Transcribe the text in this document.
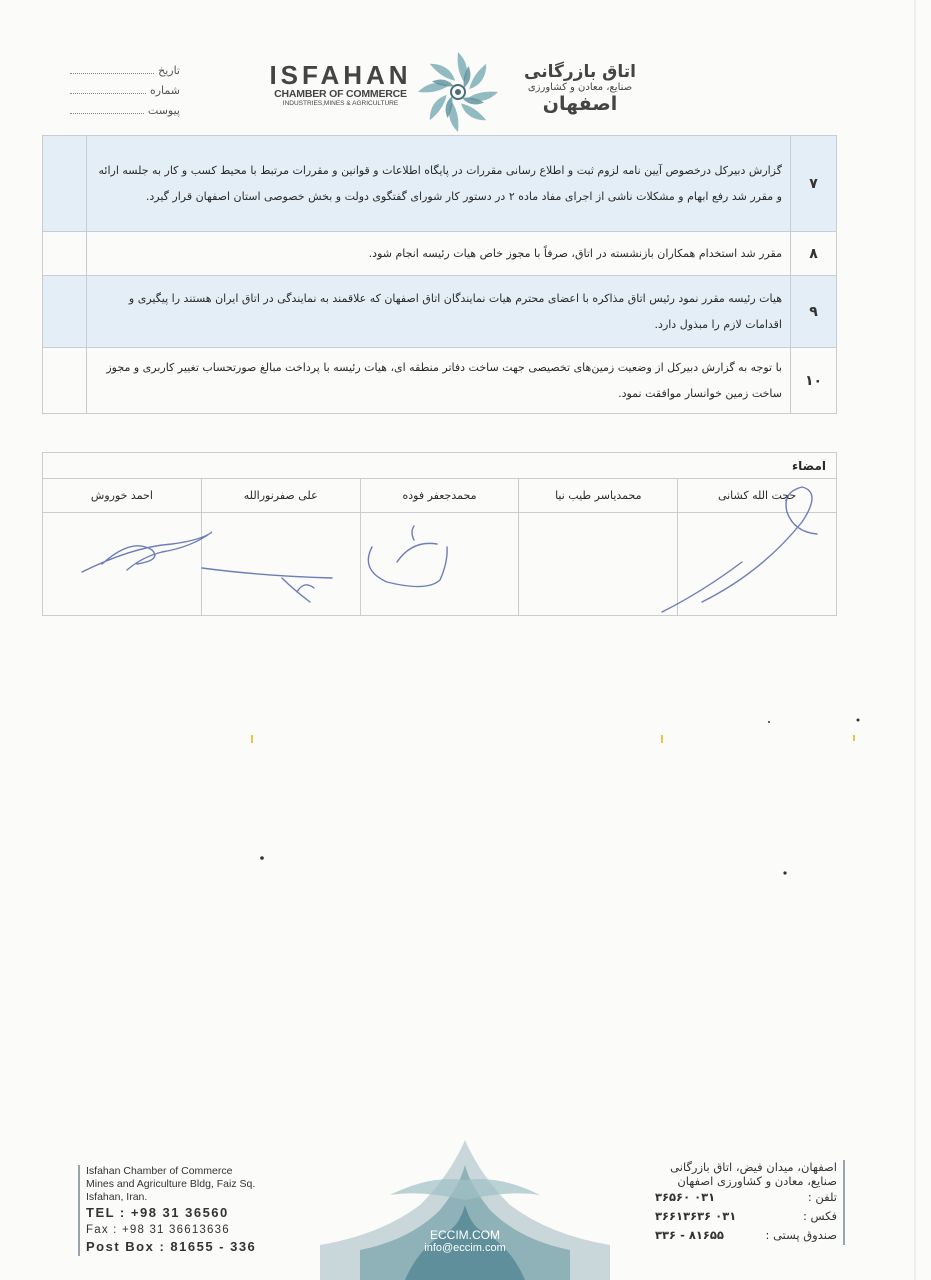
تاریخ
شماره
پیوست
ISFAHAN
CHAMBER OF COMMERCE
INDUSTRIES,MINES & AGRICULTURE
اتاق بازرگانی
صنایع، معادن و کشاورزی
اصفهان
۷	گزارش دبیرکل درخصوص آیین نامه لزوم ثبت و اطلاع رسانی مقررات در پایگاه اطلاعات و قوانین و مقررات مرتبط با محیط کسب و کار به جلسه ارائه و مقرر شد رفع ابهام و مشکلات ناشی از اجرای مفاد ماده ۲ در دستور کار شورای گفتگوی دولت و بخش خصوصی استان اصفهان قرار گیرد.	
۸	مقرر شد استخدام همکاران بازنشسته در اتاق، صرفاً با مجوز خاص هیات رئیسه انجام شود.	
۹	هیات رئیسه مقرر نمود رئیس اتاق مذاکره با اعضای محترم هیات نمایندگان اتاق اصفهان که علاقمند به نمایندگی در اتاق ایران هستند را پیگیری و اقدامات لازم را مبذول دارد.	
۱۰	با توجه به گزارش دبیرکل از وضعیت زمین‌های تخصیصی جهت ساخت دفاتر منطقه ای، هیات رئیسه با پرداخت مبالغ صورتحساب تغییر کاربری و مجوز ساخت زمین خوانسار موافقت نمود.	
امضاء
حجت الله کشانی
محمدیاسر طیب نیا
محمدجعفر فوده
علی صفرنورالله
احمد خوروش
Isfahan Chamber of Commerce
Mines and Agriculture Bldg, Faiz Sq.
Isfahan, Iran.
TEL : +98 31 36560
Fax : +98 31 36613636
Post Box : 81655 - 336
ECCIM.COM
info@eccim.com
اصفهان، میدان فیض، اتاق بازرگانی
صنایع، معادن و کشاورزی اصفهان
تلفن :
۰۳۱ ۳۶۵۶۰
فکس :
۰۳۱ ۳۶۶۱۳۶۳۶
صندوق پستی :
۸۱۶۵۵ - ۳۳۶
